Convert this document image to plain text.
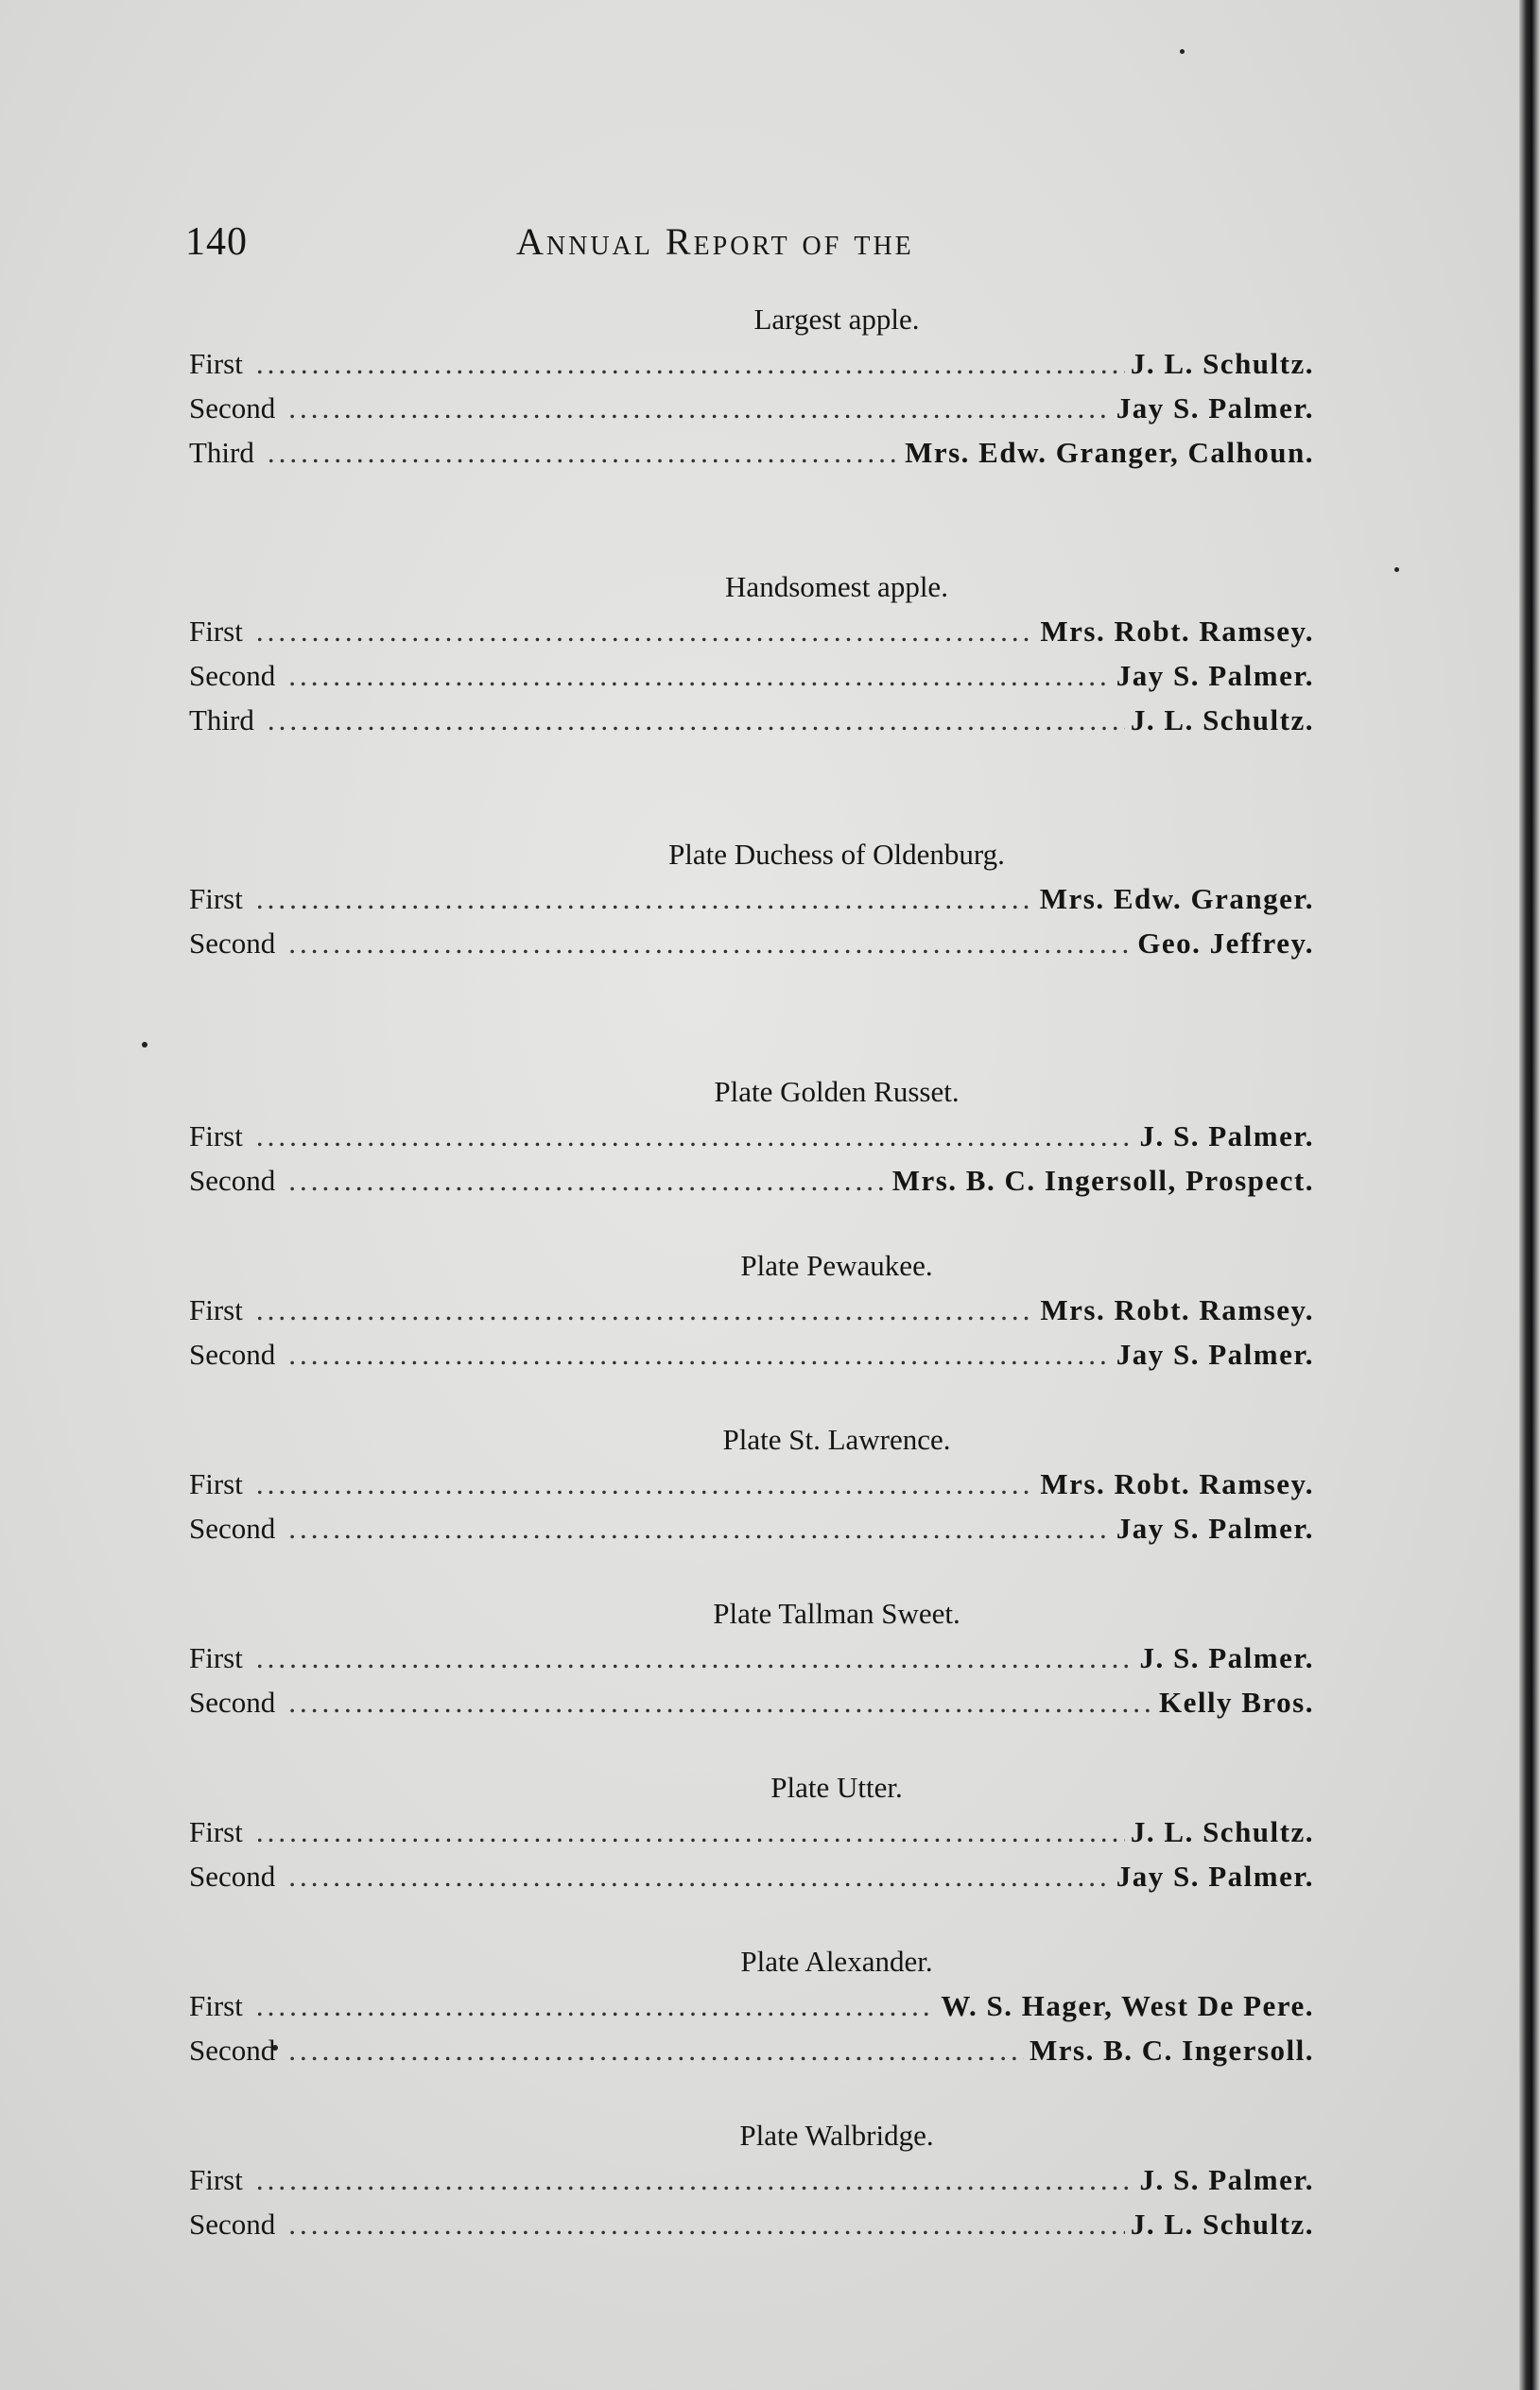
140	Annual Report of the
Largest apple.
First .....	J. L. Schultz.
Second .....	Jay S. Palmer.
Third .....	Mrs. Edw. Granger, Calhoun.
Handsomest apple.
First .....	Mrs. Robt. Ramsey.
Second .....	Jay S. Palmer.
Third .....	J. L. Schultz.
Plate Duchess of Oldenburg.
First .....	Mrs. Edw. Granger.
Second .....	Geo. Jeffrey.
Plate Golden Russet.
First .....	J. S. Palmer.
Second .....	Mrs. B. C. Ingersoll, Prospect.
Plate Pewaukee.
First .....	Mrs. Robt. Ramsey.
Second .....	Jay S. Palmer.
Plate St. Lawrence.
First .....	Mrs. Robt. Ramsey.
Second .....	Jay S. Palmer.
Plate Tallman Sweet.
First .....	J. S. Palmer.
Second .....	Kelly Bros.
Plate Utter.
First .....	J. L. Schultz.
Second .....	Jay S. Palmer.
Plate Alexander.
First .....	W. S. Hager, West De Pere.
Second .....	Mrs. B. C. Ingersoll.
Plate Walbridge.
First .....	J. S. Palmer.
Second .....	J. L. Schultz.
